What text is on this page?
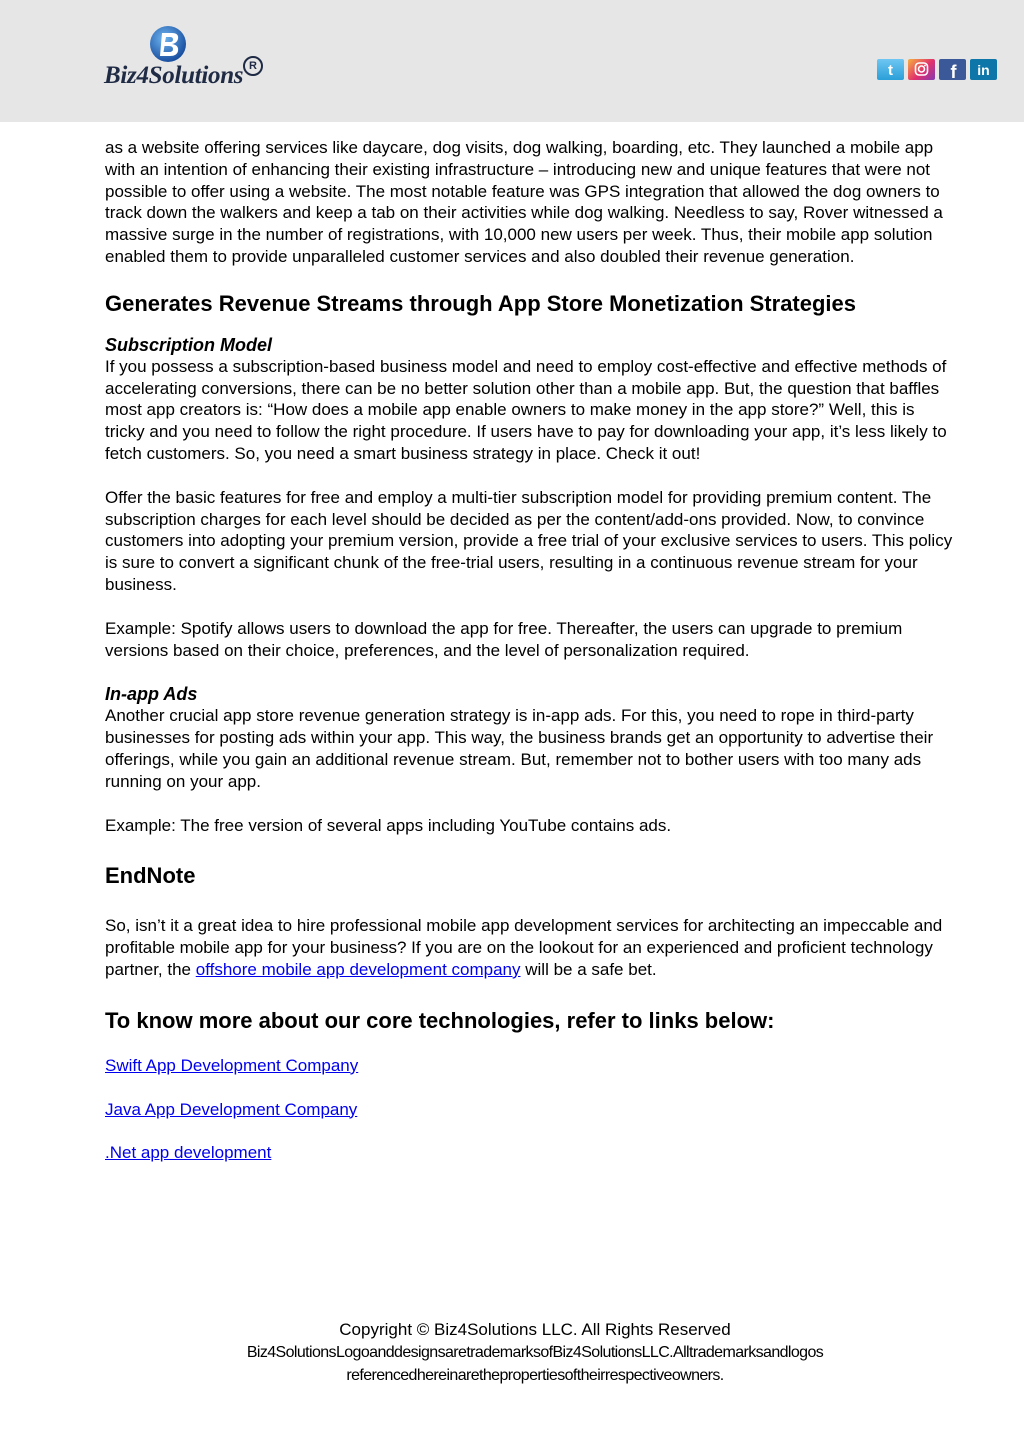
Biz4Solutions R	t	f in

as a website offering services like daycare, dog visits, dog walking, boarding, etc. They launched a mobile app with an intention of enhancing their existing infrastructure – introducing new and unique features that were not possible to offer using a website. The most notable feature was GPS integration that allowed the dog owners to track down the walkers and keep a tab on their activities while dog walking. Needless to say, Rover witnessed a massive surge in the number of registrations, with 10,000 new users per week. Thus, their mobile app solution enabled them to provide unparalleled customer services and also doubled their revenue generation.

Generates Revenue Streams through App Store Monetization Strategies
Subscription Model

If you possess a subscription-based business model and need to employ cost-effective and effective methods of accelerating conversions, there can be no better solution other than a mobile app. But, the question that baffles most app creators is: “How does a mobile app enable owners to make money in the app store?” Well, this is tricky and you need to follow the right procedure. If users have to pay for downloading your app, it’s less likely to fetch customers. So, you need a smart business strategy in place. Check it out!

Offer the basic features for free and employ a multi-tier subscription model for providing premium content. The subscription charges for each level should be decided as per the content/add-ons provided. Now, to convince customers into adopting your premium version, provide a free trial of your exclusive services to users. This policy is sure to convert a significant chunk of the free-trial users, resulting in a continuous revenue stream for your business.

Example: Spotify allows users to download the app for free. Thereafter, the users can upgrade to premium versions based on their choice, preferences, and the level of personalization required.

In-app Ads

Another crucial app store revenue generation strategy is in-app ads. For this, you need to rope in third-party businesses for posting ads within your app. This way, the business brands get an opportunity to advertise their offerings, while you gain an additional revenue stream. But, remember not to bother users with too many ads running on your app.

Example: The free version of several apps including YouTube contains ads.

EndNote

So, isn’t it a great idea to hire professional mobile app development services for architecting an impeccable and profitable mobile app for your business? If you are on the lookout for an experienced and proficient technology partner, the offshore mobile app development company will be a safe bet.

To know more about our core technologies, refer to links below:

Swift App Development Company

Java App Development Company

.Net app development

Copyright © Biz4Solutions LLC. All Rights Reserved
Biz4SolutionsLogoanddesignsaretrademarksofBiz4SolutionsLLC.Alltrademarksandlogos
referencedhereinarethepropertiesoftheirrespectiveowners.
